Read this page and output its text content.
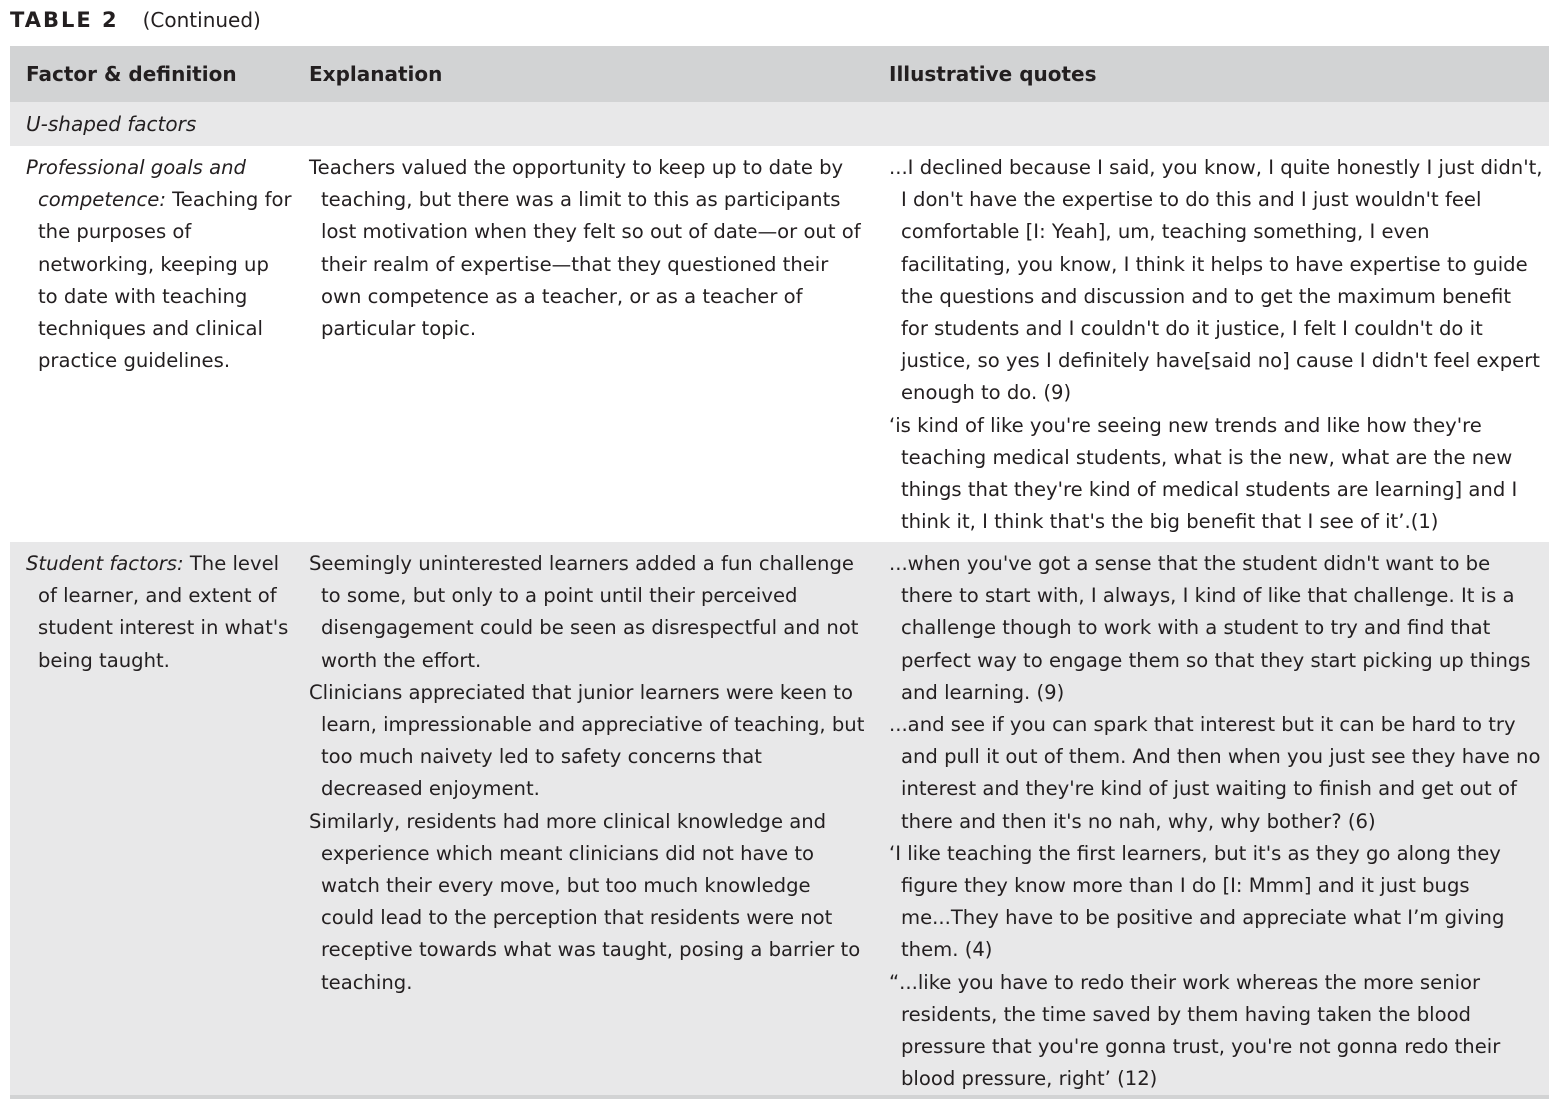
TABLE 2 (Continued)
Factor & definition	Explanation	Illustrative quotes
U-shaped factors

Professional goals and competence: Teaching for the purposes of networking, keeping up to date with teaching techniques and clinical practice guidelines.

Teachers valued the opportunity to keep up to date by teaching, but there was a limit to this as participants lost motivation when they felt so out of date—or out of their realm of expertise—that they questioned their own competence as a teacher, or as a teacher of particular topic.

...I declined because I said, you know, I quite honestly I just didn't, I don't have the expertise to do this and I just wouldn't feel comfortable [I: Yeah], um, teaching something, I even facilitating, you know, I think it helps to have expertise to guide the questions and discussion and to get the maximum benefit for students and I couldn't do it justice, I felt I couldn't do it justice, so yes I definitely have[said no] cause I didn't feel expert enough to do. (9)

‘is kind of like you're seeing new trends and like how they're teaching medical students, what is the new, what are the new things that they're kind of medical students are learning] and I think it, I think that's the big benefit that I see of it’.(1)

Student factors: The level of learner, and extent of student interest in what's being taught.

Seemingly uninterested learners added a fun challenge to some, but only to a point until their perceived disengagement could be seen as disrespectful and not worth the effort.

Clinicians appreciated that junior learners were keen to learn, impressionable and appreciative of teaching, but too much naivety led to safety concerns that decreased enjoyment.

Similarly, residents had more clinical knowledge and experience which meant clinicians did not have to watch their every move, but too much knowledge could lead to the perception that residents were not receptive towards what was taught, posing a barrier to teaching.

...when you've got a sense that the student didn't want to be there to start with, I always, I kind of like that challenge. It is a challenge though to work with a student to try and find that perfect way to engage them so that they start picking up things and learning. (9)

...and see if you can spark that interest but it can be hard to try and pull it out of them. And then when you just see they have no interest and they're kind of just waiting to finish and get out of there and then it's no nah, why, why bother? (6)

‘I like teaching the first learners, but it's as they go along they figure they know more than I do [I: Mmm] and it just bugs me...They have to be positive and appreciate what I’m giving them. (4)

“...like you have to redo their work whereas the more senior residents, the time saved by them having taken the blood pressure that you're gonna trust, you're not gonna redo their blood pressure, right’ (12)
